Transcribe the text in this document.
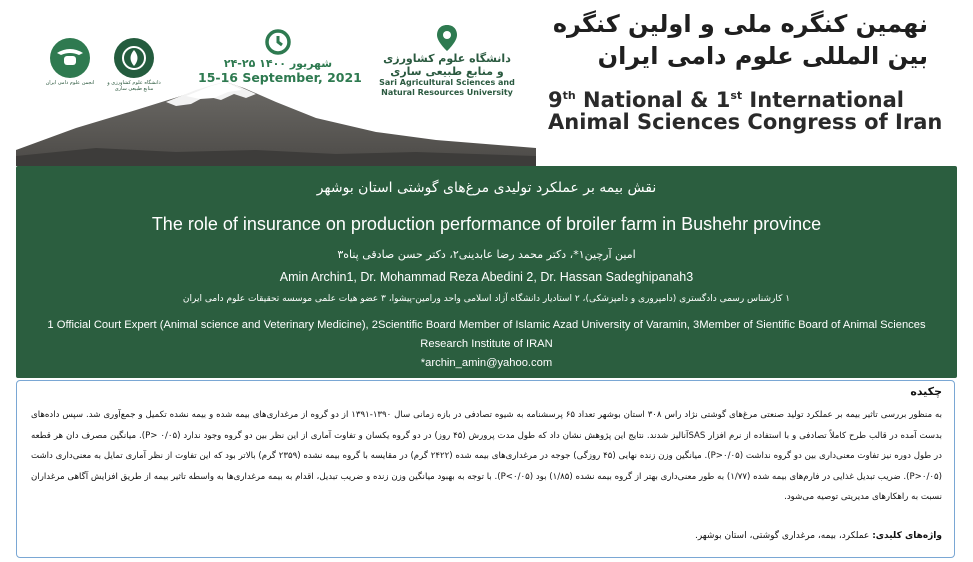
انجمن علوم دامی ایران	دانشگاه علوم کشاورزی و منابع طبیعی ساری

۲۴-۲۵ شهریور ۱۴۰۰

15-16 September, 2021

دانشگاه علوم کشاورزی

و منابع طبیعی ساری

Sari Agricultural Sciences and

Natural Resources University

نهمین کنگره ملی و اولین کنگره
بین المللی علوم دامی ایران
9th National & 1st International
Animal Sciences Congress of Iran
نقش بیمه بر عملکرد تولیدی مرغ‌های گوشتی استان بوشهر
The role of insurance on production performance of broiler farm in Bushehr province
امین آرچین۱*، دکتر محمد رضا عابدینی۲، دکتر حسن صادقی پناه۳
Amin Archin1, Dr. Mohammad Reza Abedini 2, Dr. Hassan Sadeghipanah3
۱ کارشناس رسمی دادگستری (دامپروری و دامپزشکی)، ۲ استادیار دانشگاه آزاد اسلامی واحد ورامین-پیشوا، ۳ عضو هیات علمی موسسه تحقیقات علوم دامی ایران
1 Official Court Expert (Animal science and Veterinary Medicine), 2Scientific Board Member of Islamic Azad University of Varamin, 3Member of Sientific Board of Animal Sciences Research Institute of IRAN
*archin_amin@yahoo.com
چکیده
به منظور بررسی تاثیر بیمه بر عملکرد تولید صنعتی مرغ‌های گوشتی نژاد راس ۳۰۸ استان بوشهر تعداد ۶۵ پرسشنامه به شیوه تصادفی در بازه زمانی سال ۱۳۹۰-۱۳۹۱ از دو گروه از مرغداری‌های بیمه شده و بیمه نشده تکمیل و جمع‌آوری شد. سپس داده‌های بدست آمده در قالب طرح کاملاً تصادفی و با استفاده از نرم افزار SASآنالیز شدند. نتایج این پژوهش نشان داد که طول مدت پرورش (۴۵ روز) در دو گروه یکسان و تفاوت آماری از این نظر بین دو گروه وجود ندارد (P> ۰/۰۵). میانگین مصرف دان هر قطعه در طول دوره نیز تفاوت معنی‌داری بین دو گروه نداشت (P>۰/۰۵). میانگین وزن زنده نهایی (۴۵ روزگی) جوجه در مرغداری‌های بیمه شده (۲۴۲۲ گرم) در مقایسه با گروه بیمه نشده (۲۳۵۹ گرم) بالاتر بود که این تفاوت از نظر آماری تمایل به معنی‌داری داشت (P>۰/۰۵). ضریب تبدیل غذایی در فارم‌های بیمه شده (۱/۷۷) به طور معنی‌داری بهتر از گروه بیمه نشده (۱/۸۵) بود (P<۰/۰۵). با توجه به بهبود میانگین وزن زنده و ضریب تبدیل، اقدام به بیمه مرغداری‌ها به واسطه تاثیر بیمه از طریق افزایش آگاهی مرغداران نسبت به راهکارهای مدیریتی توصیه می‌شود.
واژه‌های کلیدی: عملکرد، بیمه، مرغداری گوشتی، استان بوشهر.
